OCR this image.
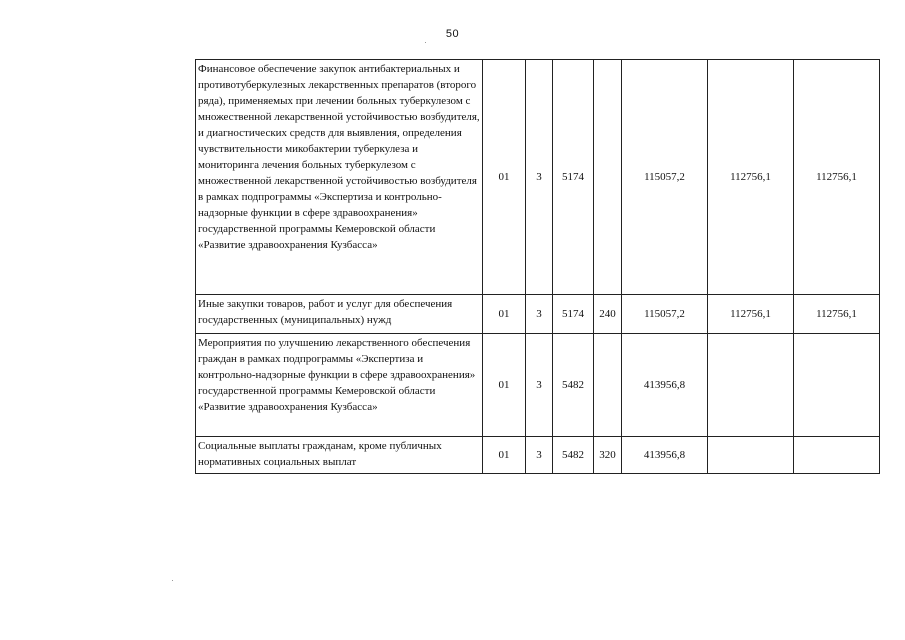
50
Финансовое обеспечение закупок антибактериальных и противотуберкулезных лекарственных препаратов (второго ряда), применяемых при лечении больных туберкулезом с множественной лекарственной устойчивостью возбудителя, и диагностических средств для выявления, определения чувствительности микобактерии туберкулеза и мониторинга лечения больных туберкулезом с множественной лекарственной устойчивостью возбудителя в рамках подпрограммы «Экспертиза и контрольно-надзорные функции в сфере здравоохранения» государственной программы Кемеровской области «Развитие здравоохранения Кузбасса»	01	3	5174		115057,2	112756,1	112756,1
Иные закупки товаров, работ и услуг для обеспечения государственных (муниципальных) нужд	01	3	5174	240	115057,2	112756,1	112756,1
Мероприятия по улучшению лекарственного обеспечения граждан в рамках подпрограммы «Экспертиза и контрольно-надзорные функции в сфере здравоохранения» государственной программы Кемеровской области «Развитие здравоохранения Кузбасса»	01	3	5482		413956,8		
Социальные выплаты гражданам, кроме публичных нормативных социальных выплат	01	3	5482	320	413956,8		
